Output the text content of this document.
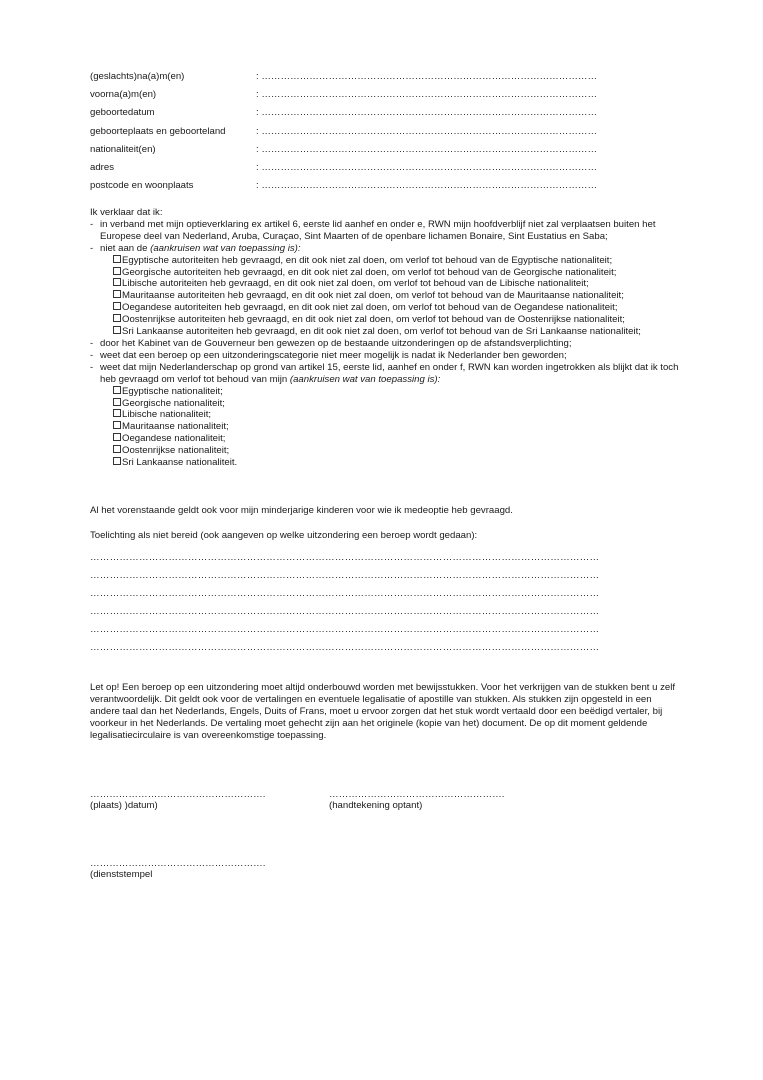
(geslachts)na(a)m(en)	: ……………………………………………………………………………………………
voorna(a)m(en)	: ……………………………………………………………………………………………
geboortedatum	: ……………………………………………………………………………………………
geboorteplaats en geboorteland	: ……………………………………………………………………………………………
nationaliteit(en)	: ……………………………………………………………………………………………
adres	: ……………………………………………………………………………………………
postcode en woonplaats	: ……………………………………………………………………………………………
Ik verklaar dat ik:
- in verband met mijn optieverklaring ex artikel 6, eerste lid aanhef en onder e, RWN mijn hoofdverblijf niet zal verplaatsen buiten het Europese deel van Nederland, Aruba, Curaçao, Sint Maarten of de openbare lichamen Bonaire, Sint Eustatius en Saba;
- niet aan de (aankruisen wat van toepassing is):
Egyptische autoriteiten heb gevraagd, en dit ook niet zal doen, om verlof tot behoud van de Egyptische nationaliteit;
Georgische autoriteiten heb gevraagd, en dit ook niet zal doen, om verlof tot behoud van de Georgische nationaliteit;
Libische autoriteiten heb gevraagd, en dit ook niet zal doen, om verlof tot behoud van de Libische nationaliteit;
Mauritaanse autoriteiten heb gevraagd, en dit ook niet zal doen, om verlof tot behoud van de Mauritaanse nationaliteit;
Oegandese autoriteiten heb gevraagd, en dit ook niet zal doen, om verlof tot behoud van de Oegandese nationaliteit;
Oostenrijkse autoriteiten heb gevraagd, en dit ook niet zal doen, om verlof tot behoud van de Oostenrijkse nationaliteit;
Sri Lankaanse autoriteiten heb gevraagd, en dit ook niet zal doen, om verlof tot behoud van de Sri Lankaanse nationaliteit;
- door het Kabinet van de Gouverneur ben gewezen op de bestaande uitzonderingen op de afstandsverplichting;
- weet dat een beroep op een uitzonderingscategorie niet meer mogelijk is nadat ik Nederlander ben geworden;
- weet dat mijn Nederlanderschap op grond van artikel 15, eerste lid, aanhef en onder f, RWN kan worden ingetrokken als blijkt dat ik toch heb gevraagd om verlof tot behoud van mijn (aankruisen wat van toepassing is):
Egyptische nationaliteit;
Georgische nationaliteit;
Libische nationaliteit;
Mauritaanse nationaliteit;
Oegandese nationaliteit;
Oostenrijkse nationaliteit;
Sri Lankaanse nationaliteit.
Al het vorenstaande geldt ook voor mijn minderjarige kinderen voor wie ik medeoptie heb gevraagd.
Toelichting als niet bereid (ook aangeven op welke uitzondering een beroep wordt gedaan):
…………………………………………………………………………………………………………………………………………
…………………………………………………………………………………………………………………………………………
…………………………………………………………………………………………………………………………………………
…………………………………………………………………………………………………………………………………………
…………………………………………………………………………………………………………………………………………
…………………………………………………………………………………………………………………………………………
Let op! Een beroep op een uitzondering moet altijd onderbouwd worden met bewijsstukken. Voor het verkrijgen van de stukken bent u zelf verantwoordelijk. Dit geldt ook voor de vertalingen en eventuele legalisatie of apostille van stukken. Als stukken zijn opgesteld in een andere taal dan het Nederlands, Engels, Duits of Frans, moet u ervoor zorgen dat het stuk wordt vertaald door een beëdigd vertaler, bij voorkeur in het Nederlands. De vertaling moet gehecht zijn aan het originele (kopie van het) document. De op dit moment geldende legalisatiecirculaire is van overeenkomstige toepassing.
……………………………………………….
(plaats) )datum)
……………………………………………….
(handtekening optant)
……………………………………………….
(dienststempel
